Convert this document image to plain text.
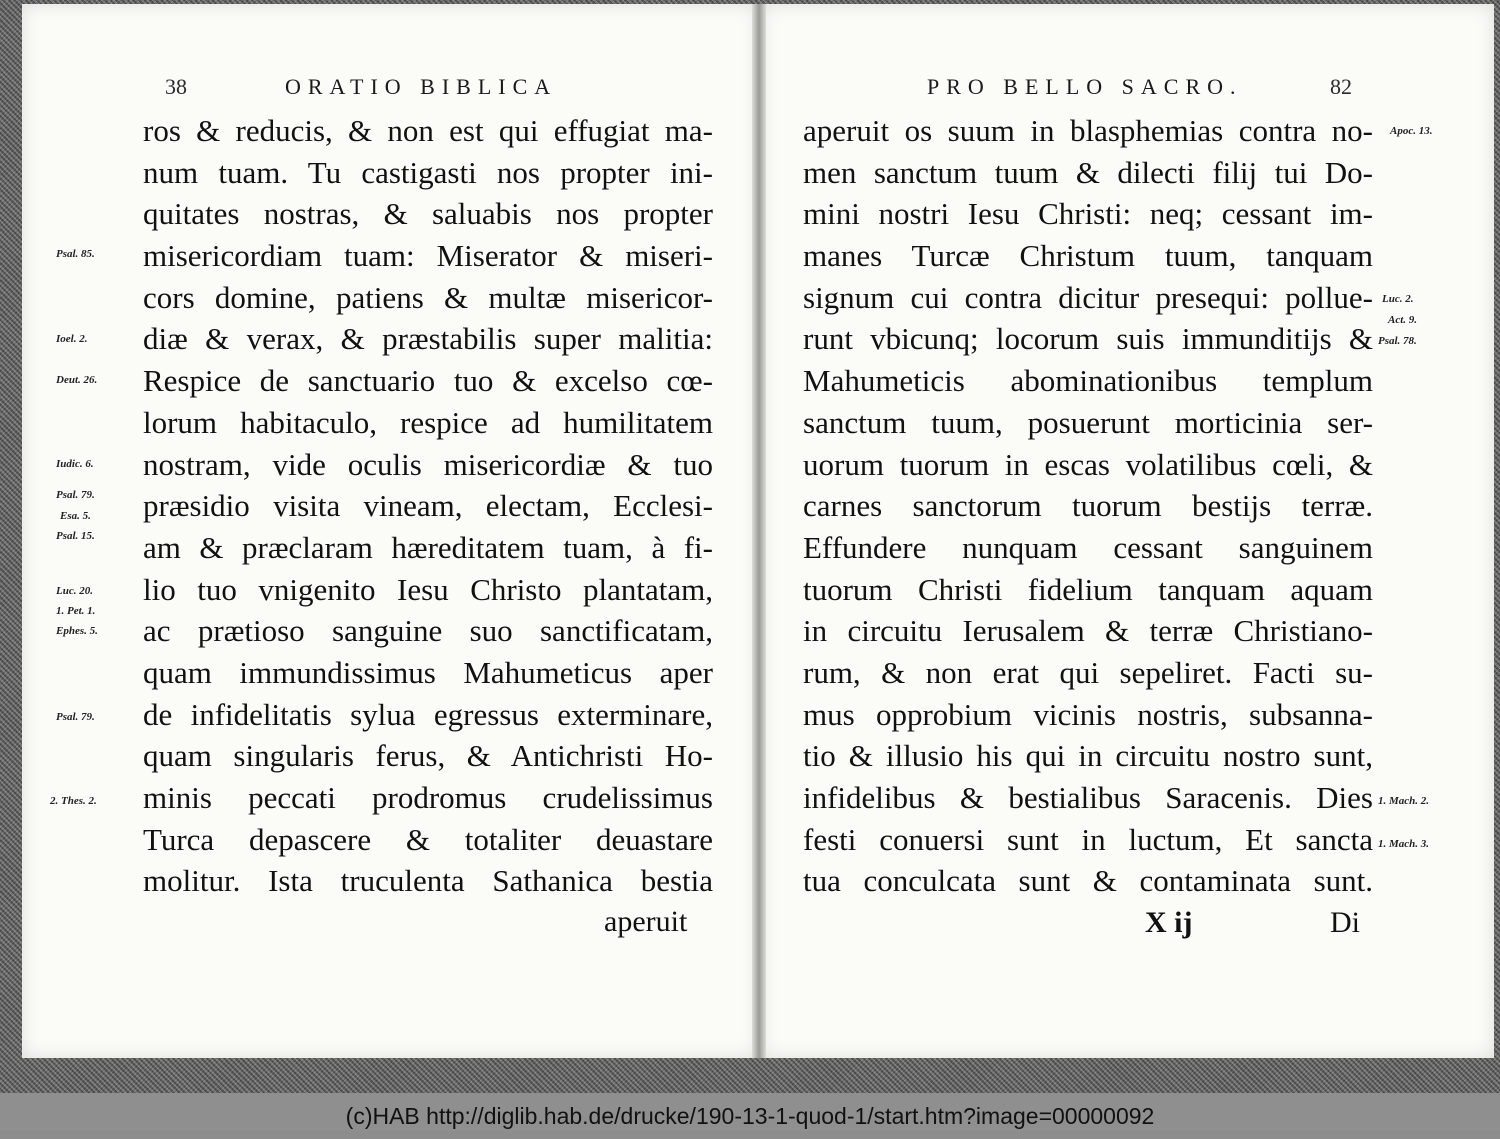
38	ORATIO BIBLICA
ros & reducis, & non est qui effugiat ma-
num tuam. Tu castigasti nos propter ini-
quitates nostras, & saluabis nos propter
misericordiam tuam: Miserator & miseri-
cors domine, patiens & multæ misericor-
diæ & verax, & præstabilis super malitia:
Respice de sanctuario tuo & excelso cœ-
lorum habitaculo, respice ad humilitatem
nostram, vide oculis misericordiæ & tuo
præsidio visita vineam, electam, Ecclesi-
am & præclaram hæreditatem tuam, à fi-
lio tuo vnigenito Iesu Christo plantatam,
ac prætioso sanguine suo sanctificatam,
quam immundissimus Mahumeticus aper
de infidelitatis sylua egressus exterminare,
quam singularis ferus, & Antichristi Ho-
minis peccati prodromus crudelissimus
Turca depascere & totaliter deuastare
molitur. Ista truculenta Sathanica bestia
aperuit
Psal. 85.
Ioel. 2.
Deut. 26.
Iudic. 6.
Psal. 79.
Esa. 5.
Psal. 15.
Luc. 20.
1. Pet. 1.
Ephes. 5.
Psal. 79.
2. Thes. 2.
PRO BELLO SACRO.	82
aperuit os suum in blasphemias contra no-
men sanctum tuum & dilecti filij tui Do-
mini nostri Iesu Christi: neq; cessant im-
manes Turcæ Christum tuum, tanquam
signum cui contra dicitur presequi: pollue-
runt vbicunq; locorum suis immunditijs &
Mahumeticis abominationibus templum
sanctum tuum, posuerunt morticinia ser-
uorum tuorum in escas volatilibus cœli, &
carnes sanctorum tuorum bestijs terræ.
Effundere nunquam cessant sanguinem
tuorum Christi fidelium tanquam aquam
in circuitu Ierusalem & terræ Christiano-
rum, & non erat qui sepeliret. Facti su-
mus opprobium vicinis nostris, subsanna-
tio & illusio his qui in circuitu nostro sunt,
infidelibus & bestialibus Saracenis. Dies
festi conuersi sunt in luctum, Et sancta
tua conculcata sunt & contaminata sunt.
X ij	Di
Apoc. 13.
Luc. 2.
Act. 9.
Psal. 78.
1. Mach. 2.
1. Mach. 3.
(c)HAB http://diglib.hab.de/drucke/190-13-1-quod-1/start.htm?image=00000092
